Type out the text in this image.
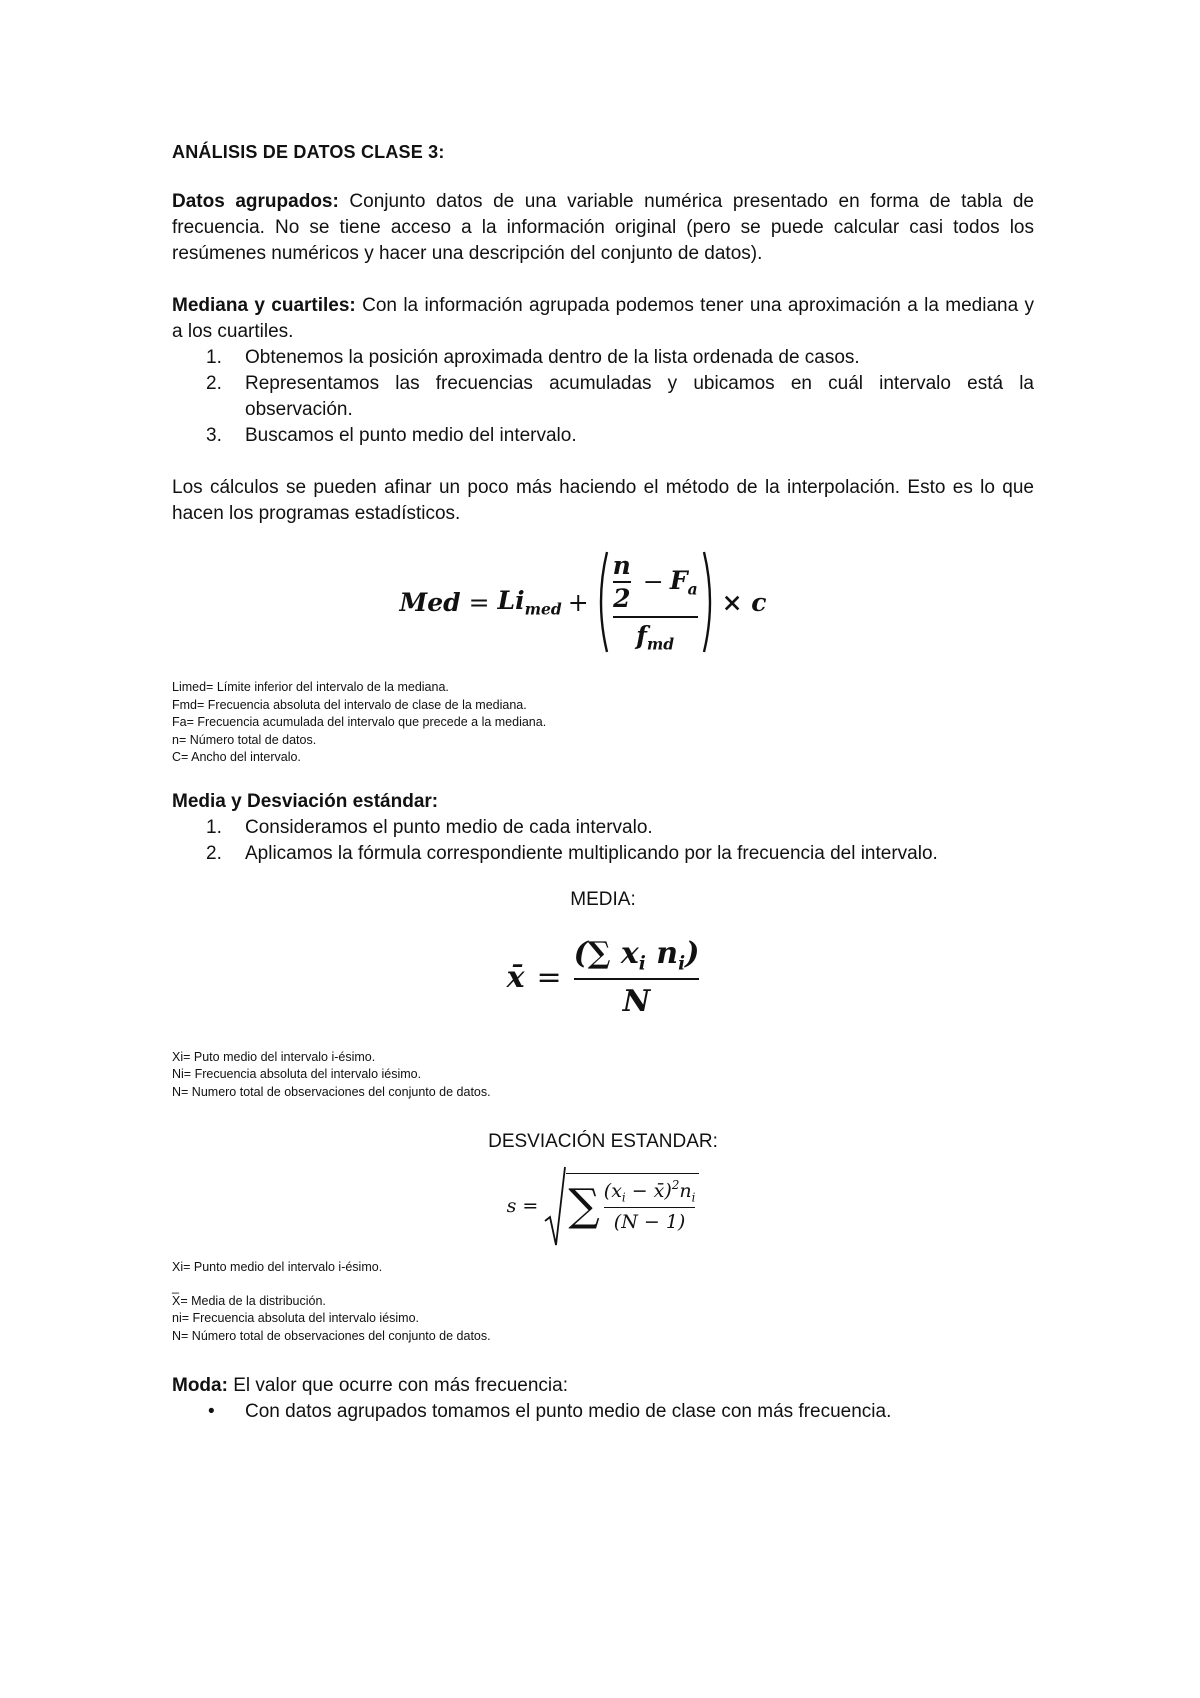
ANÁLISIS DE DATOS CLASE 3:

Datos agrupados: Conjunto datos de una variable numérica presentado en forma de tabla de frecuencia. No se tiene acceso a la información original (pero se puede calcular casi todos los resúmenes numéricos y hacer una descripción del conjunto de datos).

Mediana y cuartiles: Con la información agrupada podemos tener una aproximación a la mediana y a los cuartiles.

1. Obtenemos la posición aproximada dentro de la lista ordenada de casos.
2. Representamos las frecuencias acumuladas y ubicamos en cuál intervalo está la observación.
3. Buscamos el punto medio del intervalo.

Los cálculos se pueden afinar un poco más haciendo el método de la interpolación. Esto es lo que hacen los programas estadísticos.

Med = $Li_{med} + \frac{n}{2} - F_a$
$f_{md}$
× c

Limed= Límite inferior del intervalo de la mediana.

Fmd= Frecuencia absoluta del intervalo de clase de la mediana.

Fa= Frecuencia acumulada del intervalo que precede a la mediana.

n= Número total de datos.

C= Ancho del intervalo.

Media y Desviación estándar:

1. Consideramos el punto medio de cada intervalo.
2. Aplicamos la fórmula correspondiente multiplicando por la frecuencia del intervalo.

MEDIA:

x̄ = $\frac{(\sum x_i n_i)}{N}$

Xi= Puto medio del intervalo i-ésimo.

Ni= Frecuencia absoluta del intervalo iésimo.

N= Numero total de observaciones del conjunto de datos.

DESVIACIÓN ESTANDAR:

s = ∑ $\frac{(x_i - x̄)^2n_i}{(N - 1)}$

Xi= Punto medio del intervalo i-ésimo.

_

X= Media de la distribución.

ni= Frecuencia absoluta del intervalo iésimo.

N= Número total de observaciones del conjunto de datos.

Moda: El valor que ocurre con más frecuencia:

• Con datos agrupados tomamos el punto medio de clase con más frecuencia.
